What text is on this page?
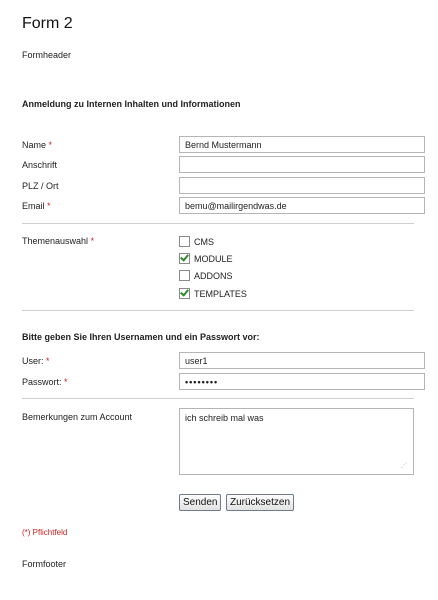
Form 2
Formheader
Anmeldung zu Internen Inhalten und Informationen
Name *
Bernd Mustermann
Anschrift
PLZ / Ort
Email *
bemu@mailirgendwas.de
Themenauswahl *	CMS
MODULE
ADDONS
TEMPLATES
Bitte geben Sie Ihren Usernamen und ein Passwort vor:
User: *
user1
Passwort: *
••••••••
Bemerkungen zum Account
ich schreib mal was
⋰
Senden	Zurücksetzen
(*) Pflichtfeld
Formfooter
